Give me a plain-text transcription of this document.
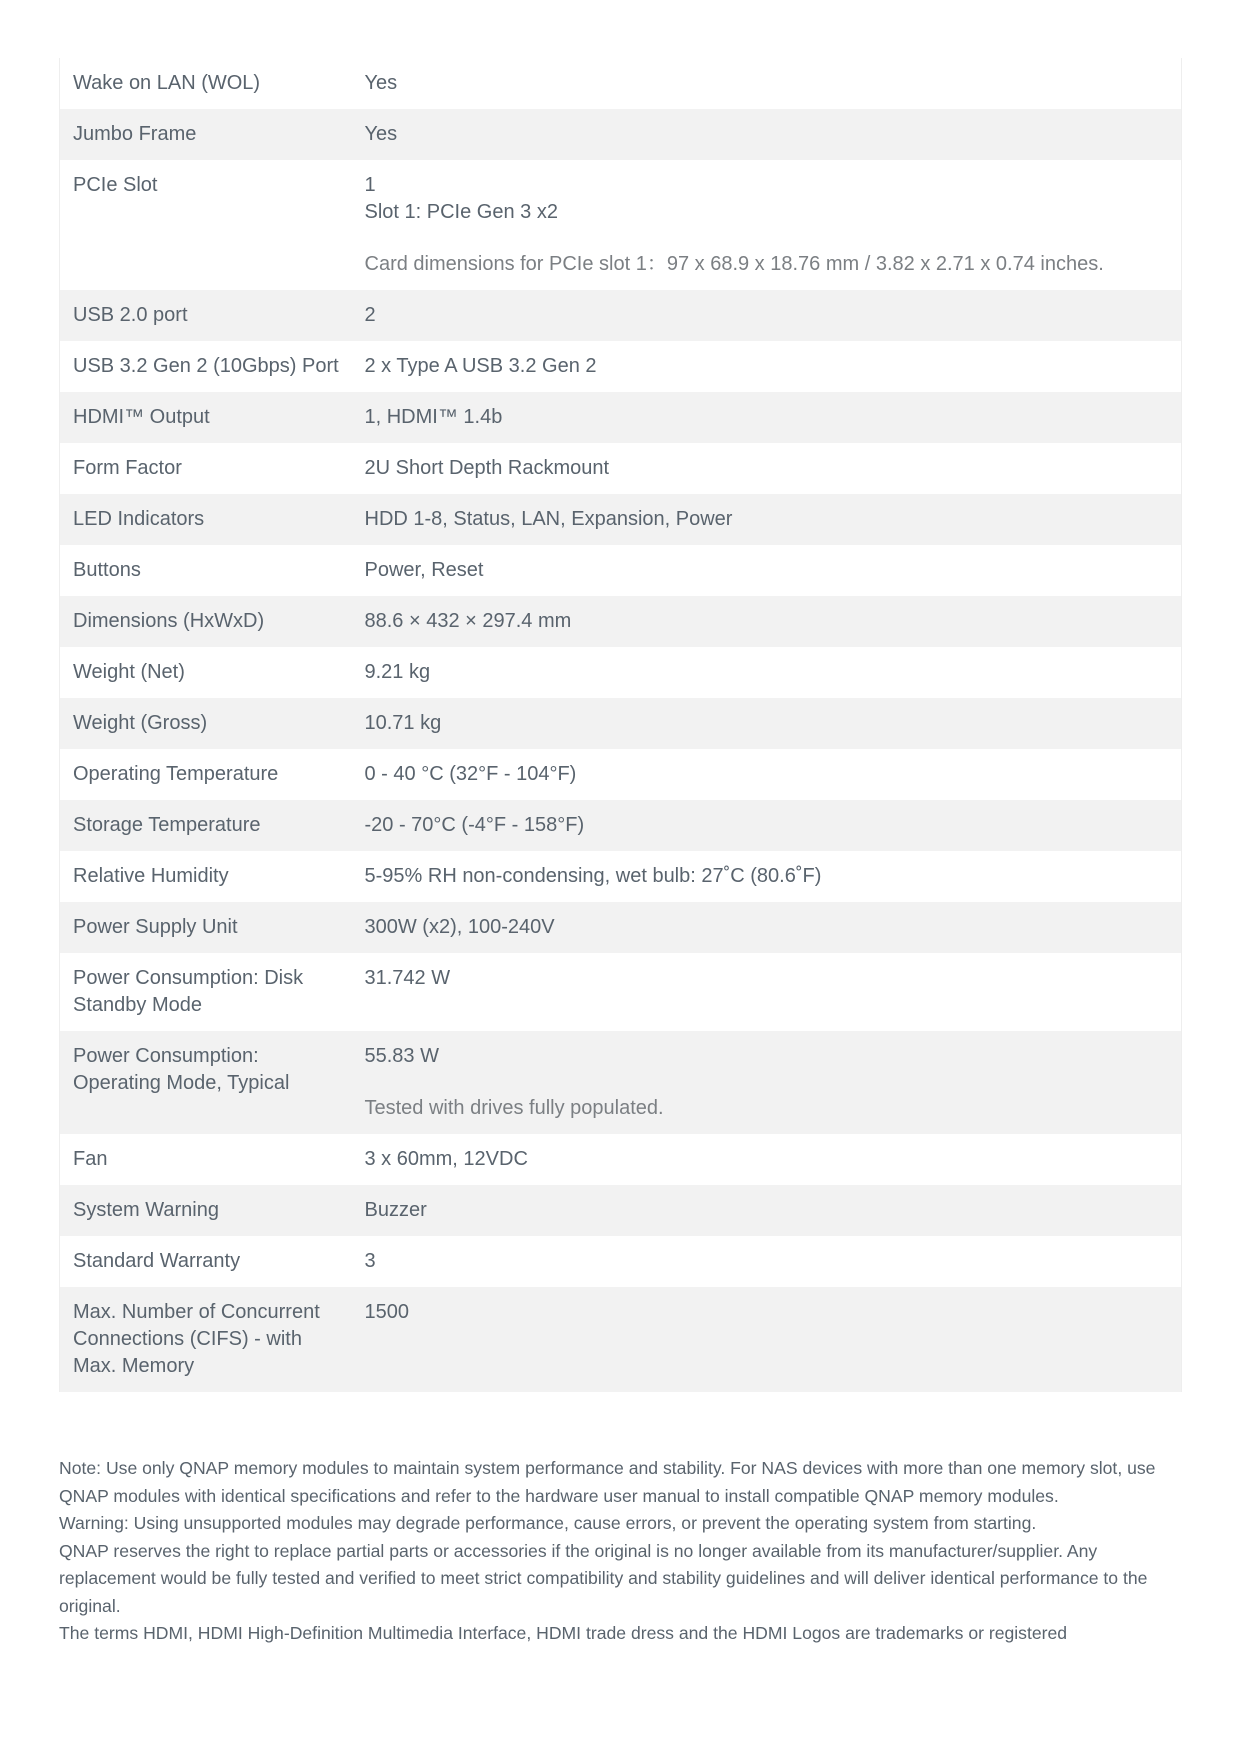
Wake on LAN (WOL)	Yes

Jumbo Frame	Yes

PCIe Slot	1
Slot 1: PCIe Gen 3 x2
Card dimensions for PCIe slot 1：97 x 68.9 x 18.76 mm / 3.82 x 2.71 x 0.74 inches.

USB 2.0 port	2

USB 3.2 Gen 2 (10Gbps) Port	2 x Type A USB 3.2 Gen 2

HDMI™ Output	1, HDMI™ 1.4b

Form Factor	2U Short Depth Rackmount

LED Indicators	HDD 1-8, Status, LAN, Expansion, Power

Buttons	Power, Reset

Dimensions (HxWxD)	88.6 × 432 × 297.4 mm

Weight (Net)	9.21 kg

Weight (Gross)	10.71 kg

Operating Temperature	0 - 40 °C (32°F - 104°F)

Storage Temperature	-20 - 70°C (-4°F - 158°F)

Relative Humidity	5-95% RH non-condensing, wet bulb: 27˚C (80.6˚F)

Power Supply Unit	300W (x2), 100-240V

Power Consumption: Disk Standby Mode	31.742 W

Power Consumption: Operating Mode, Typical	55.83 W
Tested with drives fully populated.

Fan	3 x 60mm, 12VDC

System Warning	Buzzer

Standard Warranty	3

Max. Number of Concurrent Connections (CIFS) - with Max. Memory	1500

Note: Use only QNAP memory modules to maintain system performance and stability. For NAS devices with more than one memory slot, use QNAP modules with identical specifications and refer to the hardware user manual to install compatible QNAP memory modules.

Warning: Using unsupported modules may degrade performance, cause errors, or prevent the operating system from starting.

QNAP reserves the right to replace partial parts or accessories if the original is no longer available from its manufacturer/supplier. Any replacement would be fully tested and verified to meet strict compatibility and stability guidelines and will deliver identical performance to the original.

The terms HDMI, HDMI High-Definition Multimedia Interface, HDMI trade dress and the HDMI Logos are trademarks or registered
